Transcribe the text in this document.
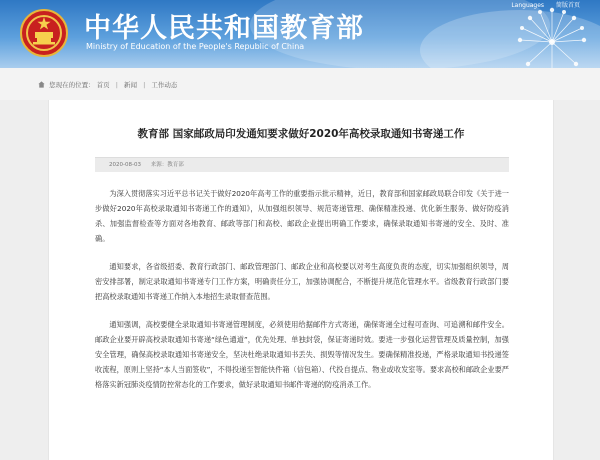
中华人民共和国教育部
Ministry of Education of the People's Republic of China
Languages 简版首页
您现在的位置： 首页 | 新闻 | 工作动态
教育部 国家邮政局印发通知要求做好2020年高校录取通知书寄递工作
2020-08-03 来源：教育部

为深入贯彻落实习近平总书记关于做好2020年高考工作的重要指示批示精神，近日，教育部和国家邮政局联合印发《关于进一步做好2020年高校录取通知书寄递工作的通知》，从加强组织领导、规范寄递管理、确保精准投递、优化新生服务、做好防疫消杀、加强监督检查等方面对各地教育、邮政等部门和高校、邮政企业提出明确工作要求，确保录取通知书寄递的安全、及时、准确。

通知要求，各省级招委、教育行政部门、邮政管理部门、邮政企业和高校要以对考生高度负责的态度，切实加强组织领导，周密安排部署，制定录取通知书寄递专门工作方案，明确责任分工，加强协调配合，不断提升规范化管理水平。省级教育行政部门要把高校录取通知书寄递工作纳入本地招生录取督查范围。

通知强调，高校要健全录取通知书寄递管理制度，必须使用给据邮件方式寄递，确保寄递全过程可查询、可追溯和邮件安全。邮政企业要开辟高校录取通知书寄递“绿色通道”，优先处理、单独封袋，保证寄递时效。要进一步强化运营管理及质量控制，加强安全管理，确保高校录取通知书寄递安全，坚决杜绝录取通知书丢失、损毁等情况发生。要确保精准投递，严格录取通知书投递签收流程，原则上坚持“本人当面签收”，不得投递至智能快件箱（信包箱）、代投自提点、物业或收发室等。要求高校和邮政企业要严格落实新冠肺炎疫情防控常态化的工作要求，做好录取通知书邮件寄递的防疫消杀工作。
